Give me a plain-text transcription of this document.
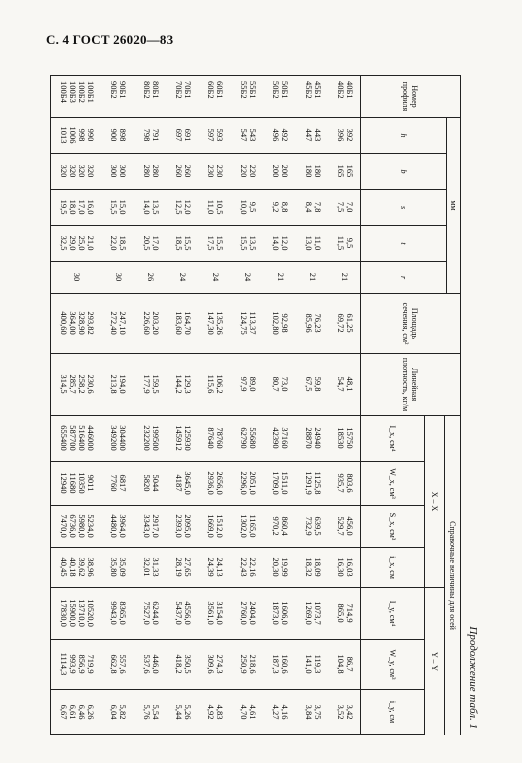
С. 4 ГОСТ 26020—83
Продолжение табл. 1
Номер профиля
мм
h
b
s
t
r
Площадь сечения, см²
Линейная плотность, кг/м
Справочные величины для осей
X – X
Y – Y
I_x, см⁴
W_x, см³
S_x, см³
i_x, см
I_y, см⁴
W_y, см³
i_y, см
40Б1
40Б2
392
396
165
165
7,0
7,5
9,5
11,5
21
61,25
69,72
48,1
54,7
15750
18530
803,6
935,7
456,0
529,7
16,03
16,30
714,9
865,0
86,7
104,8
3,42
3,52
45Б1
45Б2
443
447
180
180
7,8
8,4
11,0
13,0
21
76,23
85,96
59,8
67,5
24940
28870
1125,8
1291,9
639,5
732,9
18,09
18,32
1073,7
1269,0
119,3
141,0
3,75
3,84
50Б1
50Б2
492
496
200
200
8,8
9,2
12,0
14,0
21
92,98
102,80
73,0
80,7
37160
42390
1511,0
1709,0
860,4
970,2
19,99
20,30
1606,0
1873,0
160,6
187,3
4,16
4,27
55Б1
55Б2
543
547
220
220
9,5
10,0
13,5
15,5
24
113,37
124,75
89,0
97,9
55680
62790
2051,0
2296,0
1165,0
1302,0
22,16
22,43
2404,0
2760,0
218,6
250,9
4,61
4,70
60Б1
60Б2
593
597
230
230
10,5
11,0
15,5
17,5
24
135,26
147,30
106,2
115,6
78760
87640
2656,0
2936,0
1512,0
1669,0
24,13
24,39
3154,0
3561,0
274,3
309,6
4,83
4,92
70Б1
70Б2
691
697
260
260
12,0
12,5
15,5
18,5
24
164,70
183,60
129,3
144,2
125930
145912
3645,0
4187
2095,0
2393,0
27,65
28,19
4556,0
5437,0
350,5
418,2
5,26
5,44
80Б1
80Б2
791
798
280
280
13,5
14,0
17,0
20,5
26
203,20
226,60
159,5
177,9
199500
232200
5044
5820
2917,0
3343,0
31,33
32,01
6244,0
7527,0
446,0
537,6
5,54
5,76
90Б1
90Б2
898
900
300
300
15,0
15,5
18,5
22,0
30
247,10
272,40
194,0
213,8
304400
349200
6817
7760
3964,0
4480,0
35,09
35,80
8365,0
9943,0
557,6
662,8
5,82
6,04
100Б1
100Б2
100Б3
100Б4
990
998
1006
1013
320
320
320
320
16,0
17,0
18,0
19,5
21,0
25,0
29,0
32,5
30
293,82
328,90
364,00
400,60
230,6
258,2
285,7
314,5
446000
516400
587700
655400
9011
10350
11680
12940
5234,0
5980,0
6736,0
7470,0
38,96
39,62
40,18
40,45
10520,0
13710,0
15900,0
17830,0
719,9
856,9
993,9
1114,3
6,26
6,46
6,61
6,67
